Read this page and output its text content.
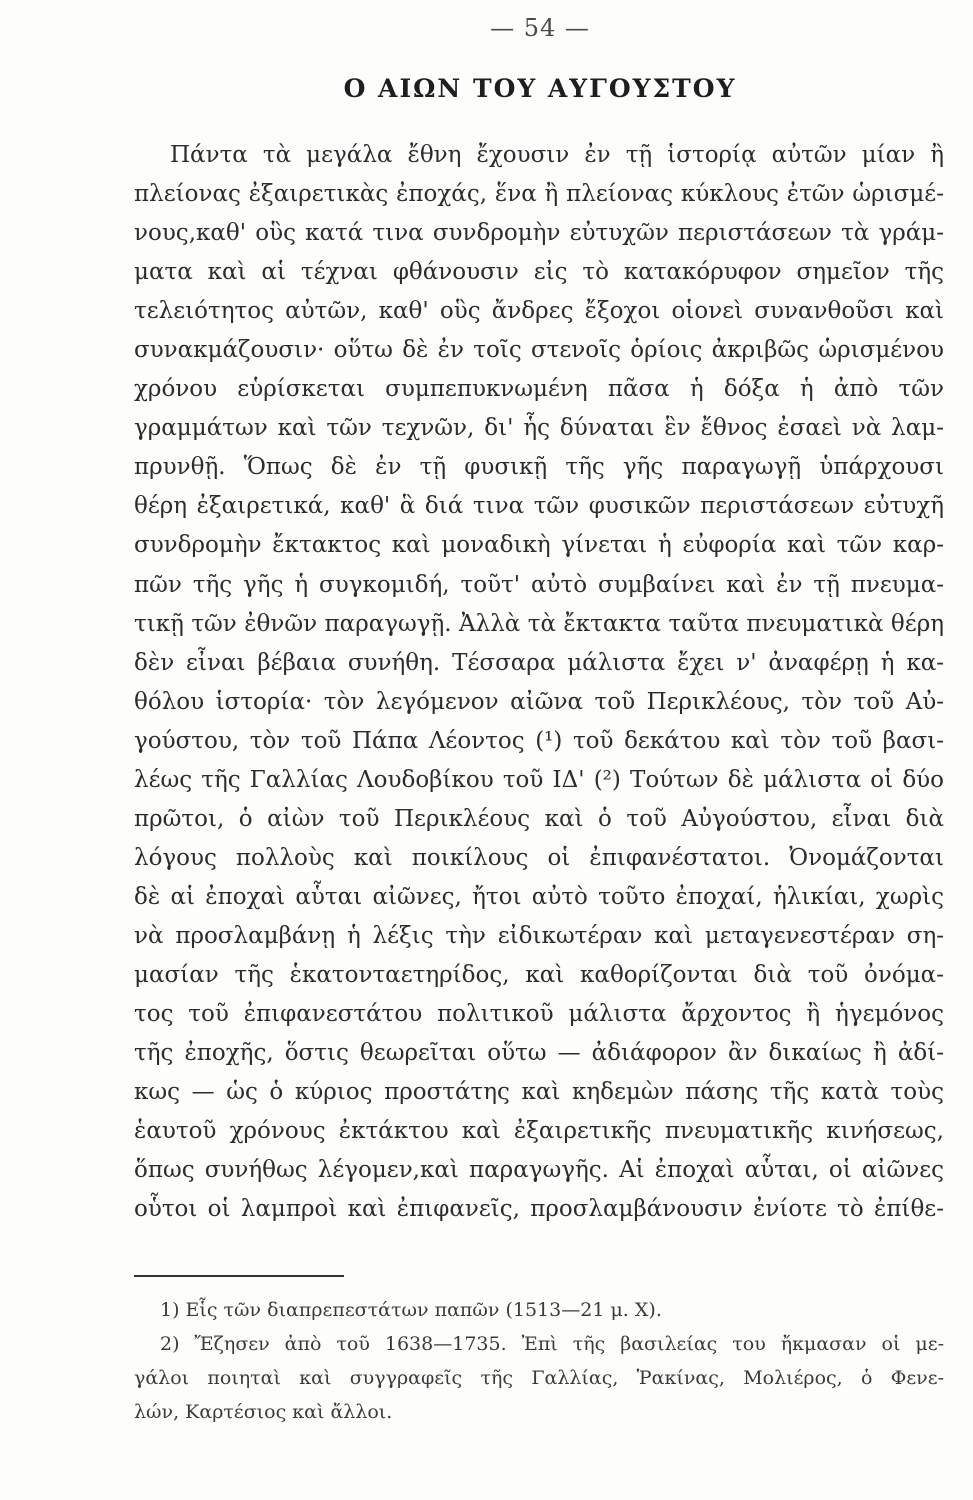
— 54 —
Ο ΑΙΩΝ ΤΟΥ ΑΥΓΟΥΣΤΟΥ
Πάντα τὰ μεγάλα ἔθνη ἔχουσιν ἐν τῇ ἱστορίᾳ αὐτῶν μίαν ἢ
πλείονας ἐξαιρετικὰς ἐποχάς, ἕνα ἢ πλείονας κύκλους ἐτῶν ὡρισμέ-
νους,καθ' οὓς κατά τινα συνδρομὴν εὐτυχῶν περιστάσεων τὰ γράμ-
ματα καὶ αἱ τέχναι φθάνουσιν εἰς τὸ κατακόρυφον σημεῖον τῆς
τελειότητος αὐτῶν, καθ' οὓς ἄνδρες ἔξοχοι οἱονεὶ συνανθοῦσι καὶ
συνακμάζουσιν· οὕτω δὲ ἐν τοῖς στενοῖς ὁρίοις ἀκριβῶς ὡρισμένου
χρόνου εὑρίσκεται συμπεπυκνωμένη πᾶσα ἡ δόξα ἡ ἀπὸ τῶν
γραμμάτων καὶ τῶν τεχνῶν, δι' ἧς δύναται ἓν ἔθνος ἐσαεὶ νὰ λαμ-
πρυνθῇ. Ὅπως δὲ ἐν τῇ φυσικῇ τῆς γῆς παραγωγῇ ὑπάρχουσι
θέρη ἐξαιρετικά, καθ' ἃ διά τινα τῶν φυσικῶν περιστάσεων εὐτυχῆ
συνδρομὴν ἔκτακτος καὶ μοναδικὴ γίνεται ἡ εὐφορία καὶ τῶν καρ-
πῶν τῆς γῆς ἡ συγκομιδή, τοῦτ' αὐτὸ συμβαίνει καὶ ἐν τῇ πνευμα-
τικῇ τῶν ἐθνῶν παραγωγῇ. Ἀλλὰ τὰ ἔκτακτα ταῦτα πνευματικὰ θέρη
δὲν εἶναι βέβαια συνήθη. Τέσσαρα μάλιστα ἔχει ν' ἀναφέρῃ ἡ κα-
θόλου ἱστορία· τὸν λεγόμενον αἰῶνα τοῦ Περικλέους, τὸν τοῦ Αὐ-
γούστου, τὸν τοῦ Πάπα Λέοντος (¹) τοῦ δεκάτου καὶ τὸν τοῦ βασι-
λέως τῆς Γαλλίας Λουδοβίκου τοῦ ΙΔ' (²) Τούτων δὲ μάλιστα οἱ δύο
πρῶτοι, ὁ αἰὼν τοῦ Περικλέους καὶ ὁ τοῦ Αὐγούστου, εἶναι διὰ
λόγους πολλοὺς καὶ ποικίλους οἱ ἐπιφανέστατοι. Ὀνομάζονται
δὲ αἱ ἐποχαὶ αὗται αἰῶνες, ἤτοι αὐτὸ τοῦτο ἐποχαί, ἡλικίαι, χωρὶς
νὰ προσλαμβάνῃ ἡ λέξις τὴν εἰδικωτέραν καὶ μεταγενεστέραν ση-
μασίαν τῆς ἑκατονταετηρίδος, καὶ καθορίζονται διὰ τοῦ ὀνόμα-
τος τοῦ ἐπιφανεστάτου πολιτικοῦ μάλιστα ἄρχοντος ἢ ἡγεμόνος
τῆς ἐποχῆς, ὅστις θεωρεῖται οὕτω — ἀδιάφορον ἂν δικαίως ἢ ἀδί-
κως — ὡς ὁ κύριος προστάτης καὶ κηδεμὼν πάσης τῆς κατὰ τοὺς
ἑαυτοῦ χρόνους ἐκτάκτου καὶ ἐξαιρετικῆς πνευματικῆς κινήσεως,
ὅπως συνήθως λέγομεν,καὶ παραγωγῆς. Αἱ ἐποχαὶ αὗται, οἱ αἰῶνες
οὗτοι οἱ λαμπροὶ καὶ ἐπιφανεῖς, προσλαμβάνουσιν ἐνίοτε τὸ ἐπίθε-
1) Εἷς τῶν διαπρεπεστάτων παπῶν (1513—21 μ. Χ).
2) Ἔζησεν ἀπὸ τοῦ 1638—1735. Ἐπὶ τῆς βασιλείας του ἤκμασαν οἱ με-
γάλοι ποιηταὶ καὶ συγγραφεῖς τῆς Γαλλίας, Ῥακίνας, Μολιέρος, ὁ Φενε-
λών, Καρτέσιος καὶ ἄλλοι.
